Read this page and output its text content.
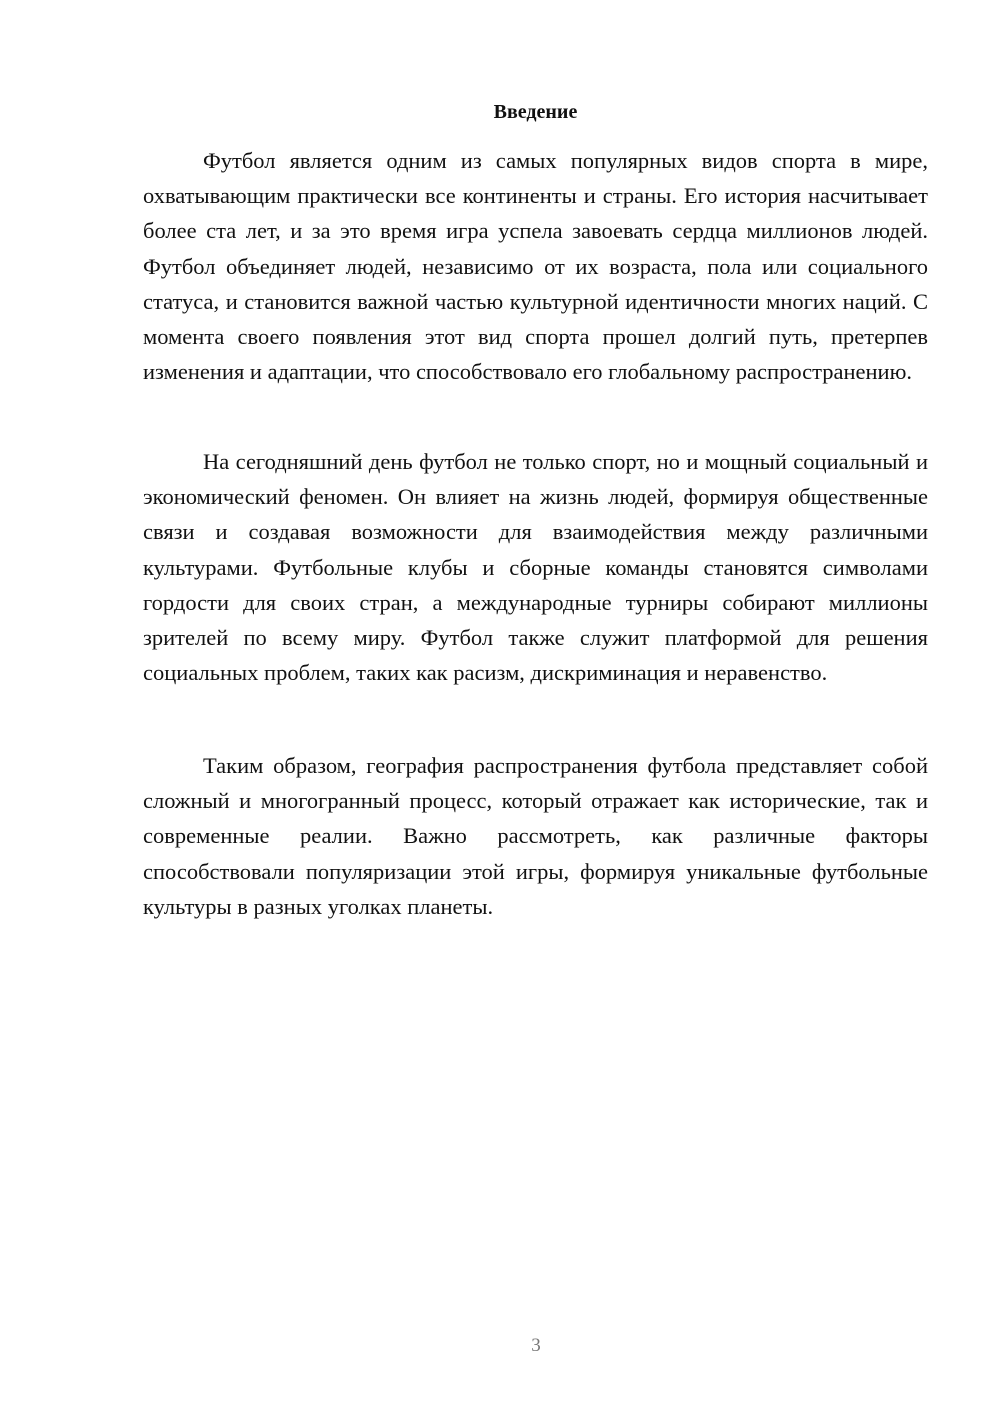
Введение

Футбол является одним из самых популярных видов спорта в мире, охватывающим практически все континенты и страны. Его история насчитывает более ста лет, и за это время игра успела завоевать сердца миллионов людей. Футбол объединяет людей, независимо от их возраста, пола или социального статуса, и становится важной частью культурной идентичности многих наций. С момента своего появления этот вид спорта прошел долгий путь, претерпев изменения и адаптации, что способствовало его глобальному распространению.

На сегодняшний день футбол не только спорт, но и мощный социальный и экономический феномен. Он влияет на жизнь людей, формируя общественные связи и создавая возможности для взаимодействия между различными культурами. Футбольные клубы и сборные команды становятся символами гордости для своих стран, а международные турниры собирают миллионы зрителей по всему миру. Футбол также служит платформой для решения социальных проблем, таких как расизм, дискриминация и неравенство.

Таким образом, география распространения футбола представляет собой сложный и многогранный процесс, который отражает как исторические, так и современные реалии. Важно рассмотреть, как различные факторы способствовали популяризации этой игры, формируя уникальные футбольные культуры в разных уголках планеты.

3
